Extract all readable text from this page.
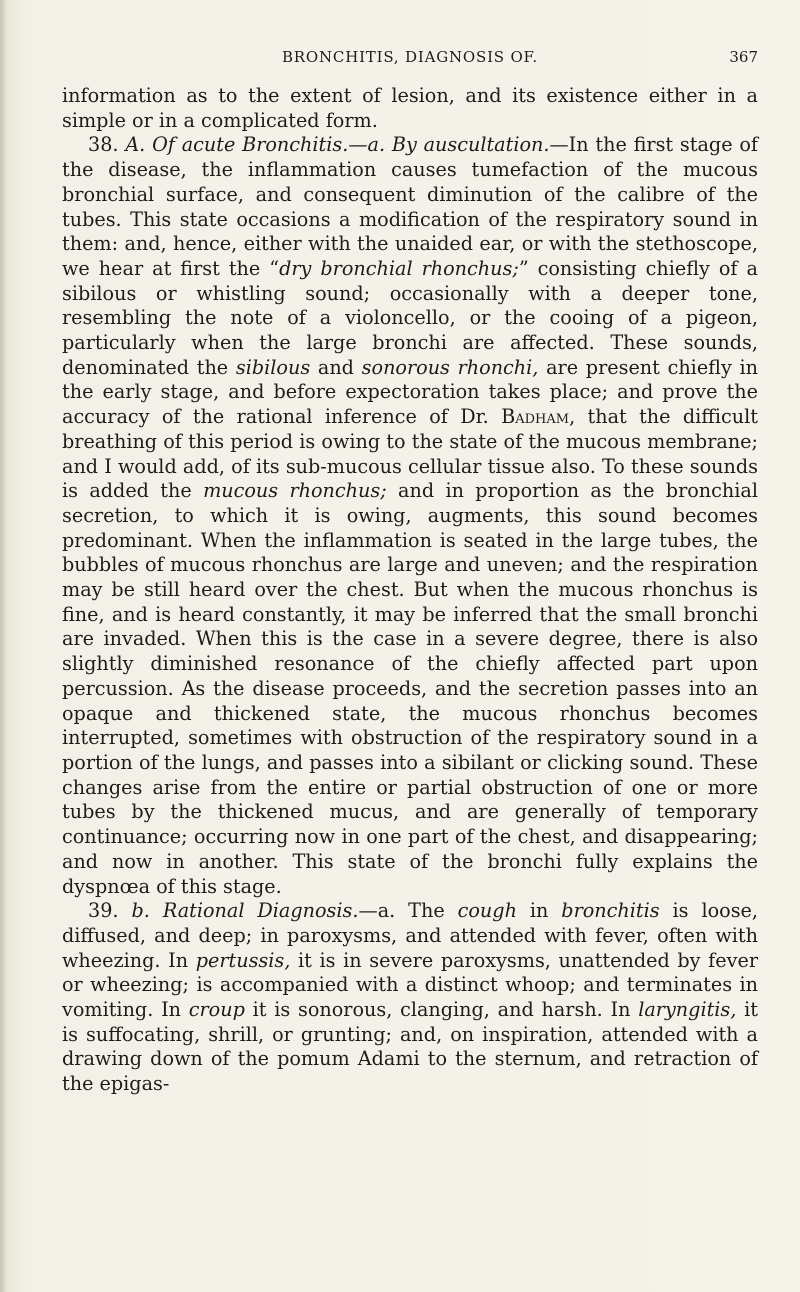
BRONCHITIS, DIAGNOSIS OF.	367

information as to the extent of lesion, and its existence either in a simple or in a complicated form.

38. A. Of acute Bronchitis.—a. By auscultation.—In the first stage of the disease, the inflammation causes tumefaction of the mucous bronchial surface, and consequent diminution of the calibre of the tubes. This state occasions a modification of the respiratory sound in them: and, hence, either with the unaided ear, or with the stethoscope, we hear at first the “dry bronchial rhonchus;” consisting chiefly of a sibilous or whistling sound; occasionally with a deeper tone, resembling the note of a violoncello, or the cooing of a pigeon, particularly when the large bronchi are affected. These sounds, denominated the sibilous and sonorous rhonchi, are present chiefly in the early stage, and before expectoration takes place; and prove the accuracy of the rational inference of Dr. Badham, that the difficult breathing of this period is owing to the state of the mucous membrane; and I would add, of its sub-mucous cellular tissue also. To these sounds is added the mucous rhonchus; and in proportion as the bronchial secretion, to which it is owing, augments, this sound becomes predominant. When the inflammation is seated in the large tubes, the bubbles of mucous rhonchus are large and uneven; and the respiration may be still heard over the chest. But when the mucous rhonchus is fine, and is heard constantly, it may be inferred that the small bronchi are invaded. When this is the case in a severe degree, there is also slightly diminished resonance of the chiefly affected part upon percussion. As the disease proceeds, and the secretion passes into an opaque and thickened state, the mucous rhonchus becomes interrupted, sometimes with obstruction of the respiratory sound in a portion of the lungs, and passes into a sibilant or clicking sound. These changes arise from the entire or partial obstruction of one or more tubes by the thickened mucus, and are generally of temporary continuance; occurring now in one part of the chest, and disappearing; and now in another. This state of the bronchi fully explains the dyspnœa of this stage.

39. b. Rational Diagnosis.—a. The cough in bronchitis is loose, diffused, and deep; in paroxysms, and attended with fever, often with wheezing. In pertussis, it is in severe paroxysms, unattended by fever or wheezing; is accompanied with a distinct whoop; and terminates in vomiting. In croup it is sonorous, clanging, and harsh. In laryngitis, it is suffocating, shrill, or grunting; and, on inspiration, attended with a drawing down of the pomum Adami to the sternum, and retraction of the epigas-
